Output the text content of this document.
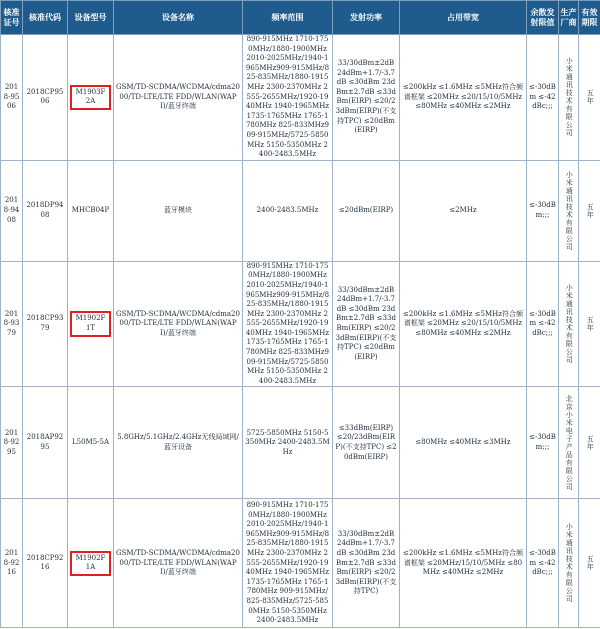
核准证号	核准代码	设备型号	设备名称	频率范围	发射功率	占用带宽	余散发射限值	生产厂商	有效期限
2018-9506	2018CP9506	M1903F2A	GSM/TD-SCDMA/WCDMA/cdma2000/TD-LTE/LTE FDD/WLAN(WAPI)/蓝牙终端	890-915MHz 1710-1750MHz/1880-1900MHz 2010-2025MHz/1940-1965MHz909-915MHz/825-835MHz/1880-1915MHz 2300-2370MHz 2555-2655MHz/1920-1940MHz 1940-1965MHz 1735-1765MHz 1765-1780MHz 825-833MHz909-915MHz/5725-5850MHz 5150-5350MHz 2400-2483.5MHz	33/30dBm±2dB 24dBm+1.7/-3.7dB ≤30dBm 23dBm±2.7dB ≤33dBm(EIRP) ≤20/23dBm(EIRP)(不支持TPC) ≤20dBm(EIRP)	≤200kHz ≤1.6MHz ≤5MHz符合频谱框架 ≤20MHz ≤20/15/10/5MHz ≤80MHz ≤40MHz ≤2MHz	≤-30dBm ≤-42dBc;;;	小米通讯技术有限公司	五年

2018-9408	2018DP9408	MHCB04P	蓝牙模块	2400-2483.5MHz	≤20dBm(EIRP)	≤2MHz	≤-30dBm;;;	小米通讯技术有限公司	五年

2018-9379	2018CP9379	M1902F1T	GSM/TD-SCDMA/WCDMA/cdma2000/TD-LTE/LTE FDD/WLAN(WAPI)/蓝牙终端	890-915MHz 1710-1750MHz/1880-1900MHz 2010-2025MHz/1940-1965MHz909-915MHz/825-835MHz/1880-1915MHz 2300-2370MHz 2555-2655MHz/1920-1940MHz 1940-1965MHz 1735-1765MHz 1765-1780MHz 825-833MHz909-915MHz/5725-5850MHz 5150-5350MHz 2400-2483.5MHz	33/30dBm±2dB 24dBm+1.7/-3.7dB ≤30dBm 23dBm±2.7dB ≤33dBm(EIRP) ≤20/23dBm(EIRP)(不支持TPC) ≤20dBm(EIRP)	≤200kHz ≤1.6MHz ≤5MHz符合频谱框架 ≤20MHz ≤20/15/10/5MHz ≤80MHz ≤40MHz ≤2MHz	≤-30dBm ≤-42dBc;;;	小米通讯技术有限公司	五年

2018-9295	2018AP9295	L50M5-5A	5.8GHz/5.1GHz/2.4GHz无线局域网/蓝牙设备	5725-5850MHz 5150-5350MHz 2400-2483.5MHz	≤33dBm(EIRP) ≤20/23dBm(EIRP)(不支持TPC) ≤20dBm(EIRP)	≤80MHz ≤40MHz ≤3MHz	≤-30dBm;;;	北京小米电子产品有限公司	五年

2018-9216	2018CP9216	M1902F1A	GSM/TD-SCDMA/WCDMA/cdma2000/TD-LTE/LTE FDD/WLAN(WAPI)/蓝牙终端	890-915MHz 1710-1750MHz/1880-1900MHz 2010-2025MHz/1940-1965MHz909-915MHz/825-835MHz/1880-1915MHz 2300-2370MHz 2555-2655MHz/1920-1940MHz 1940-1965MHz 1735-1765MHz 1765-1780MHz 909-915MHz/825-835MHz/5725-5850MHz 5150-5350MHz 2400-2483.5MHz	33/30dBm±2dB 24dBm+1.7/-3.7dB ≤30dBm 23dBm±2.7dB ≤33dBm(EIRP) ≤20/23dBm(EIRP)(不支持TPC)	≤200kHz ≤1.6MHz ≤5MHz符合频谱框架 ≤20MHz/15/10/5MHz ≤80MHz ≤40MHz ≤2MHz	≤-30dBm ≤-42dBc;;;	小米通讯技术有限公司	五年
